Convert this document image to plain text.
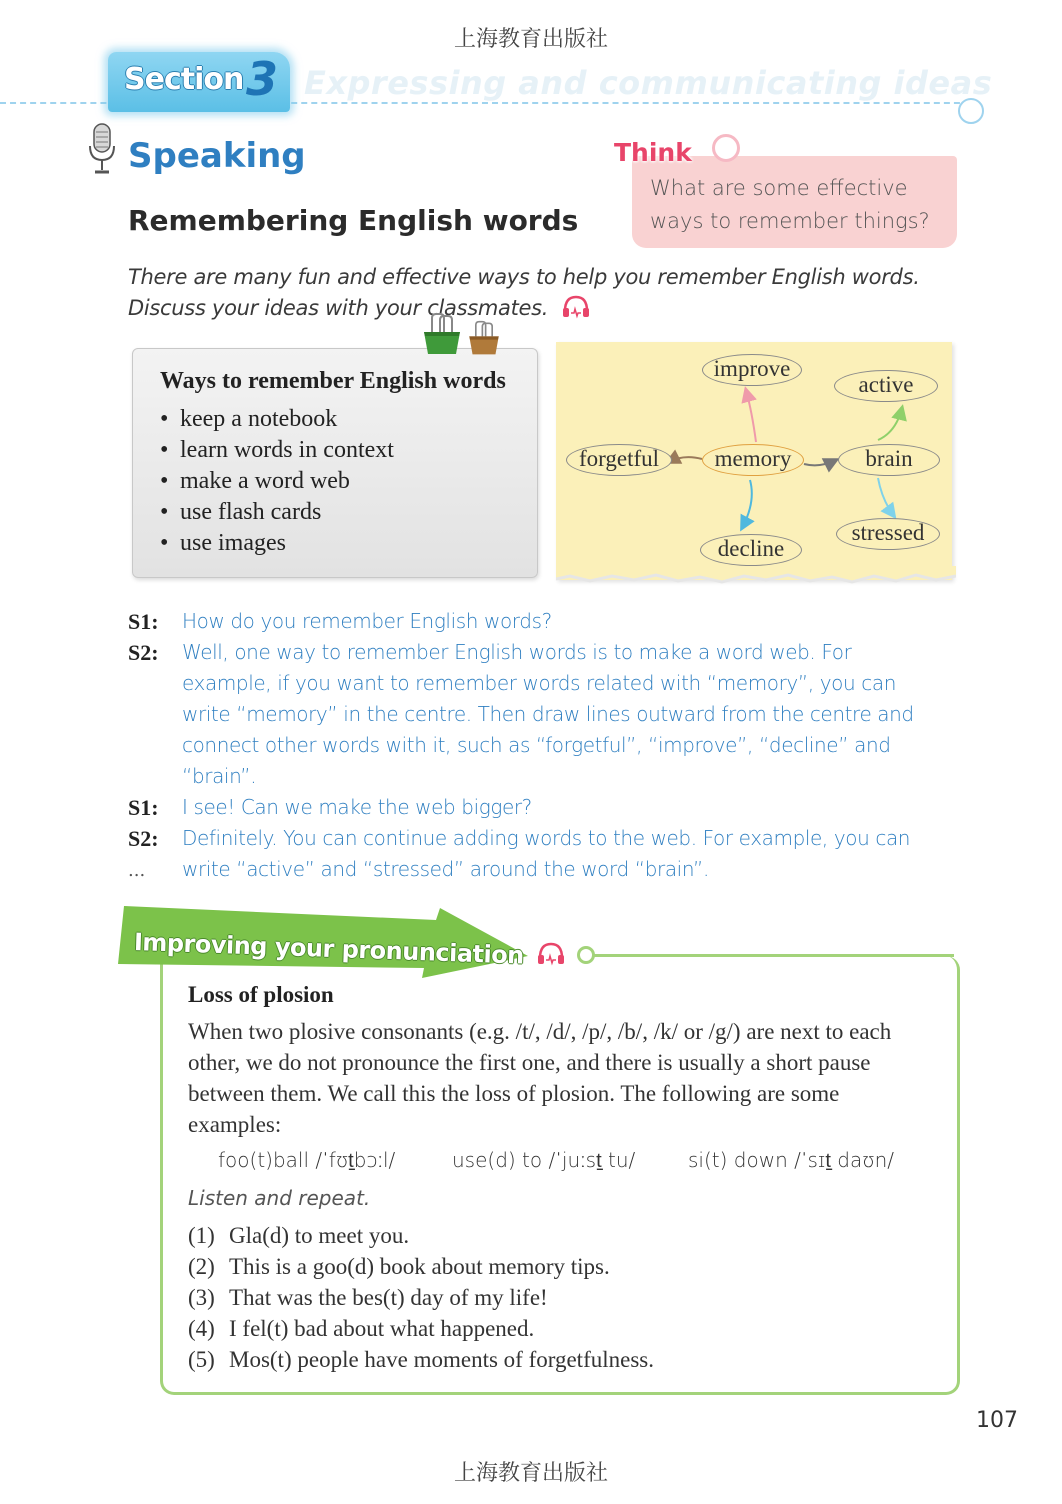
上海教育出版社
Expressing and communicating ideas
Section 3
Speaking
Remembering English words
Think
What are some effective ways to remember things?
There are many fun and effective ways to help you remember English words. Discuss your ideas with your classmates.
Ways to remember English words
• keep a notebook
• learn words in context
• make a word web
• use flash cards
• use images
improve
active
forgetful	memory	brain
decline
stressed
S1:	How do you remember English words?
S2:	Well, one way to remember English words is to make a word web. For example, if you want to remember words related with “memory”, you can write “memory” in the centre. Then draw lines outward from the centre and connect other words with it, such as “forgetful”, “improve”, “decline” and “brain”.
S1:	I see! Can we make the web bigger?
S2:	Definitely. You can continue adding words to the web. For example, you can write “active” and “stressed” around the word “brain”.
...
Improving your pronunciation
Loss of plosion
When two plosive consonants (e.g. /t/, /d/, /p/, /b/, /k/ or /g/) are next to each other, we do not pronounce the first one, and there is usually a short pause between them. We call this the loss of plosion. The following are some examples:
foo(t)ball /ˈfʊt̠bɔːl/	use(d) to /ˈjuːst̠ tu/	si(t) down /ˈsɪt̠ daʊn/
Listen and repeat.
(1) Gla(d) to meet you.
(2) This is a goo(d) book about memory tips.
(3) That was the bes(t) day of my life!
(4) I fel(t) bad about what happened.
(5) Mos(t) people have moments of forgetfulness.
107
上海教育出版社
